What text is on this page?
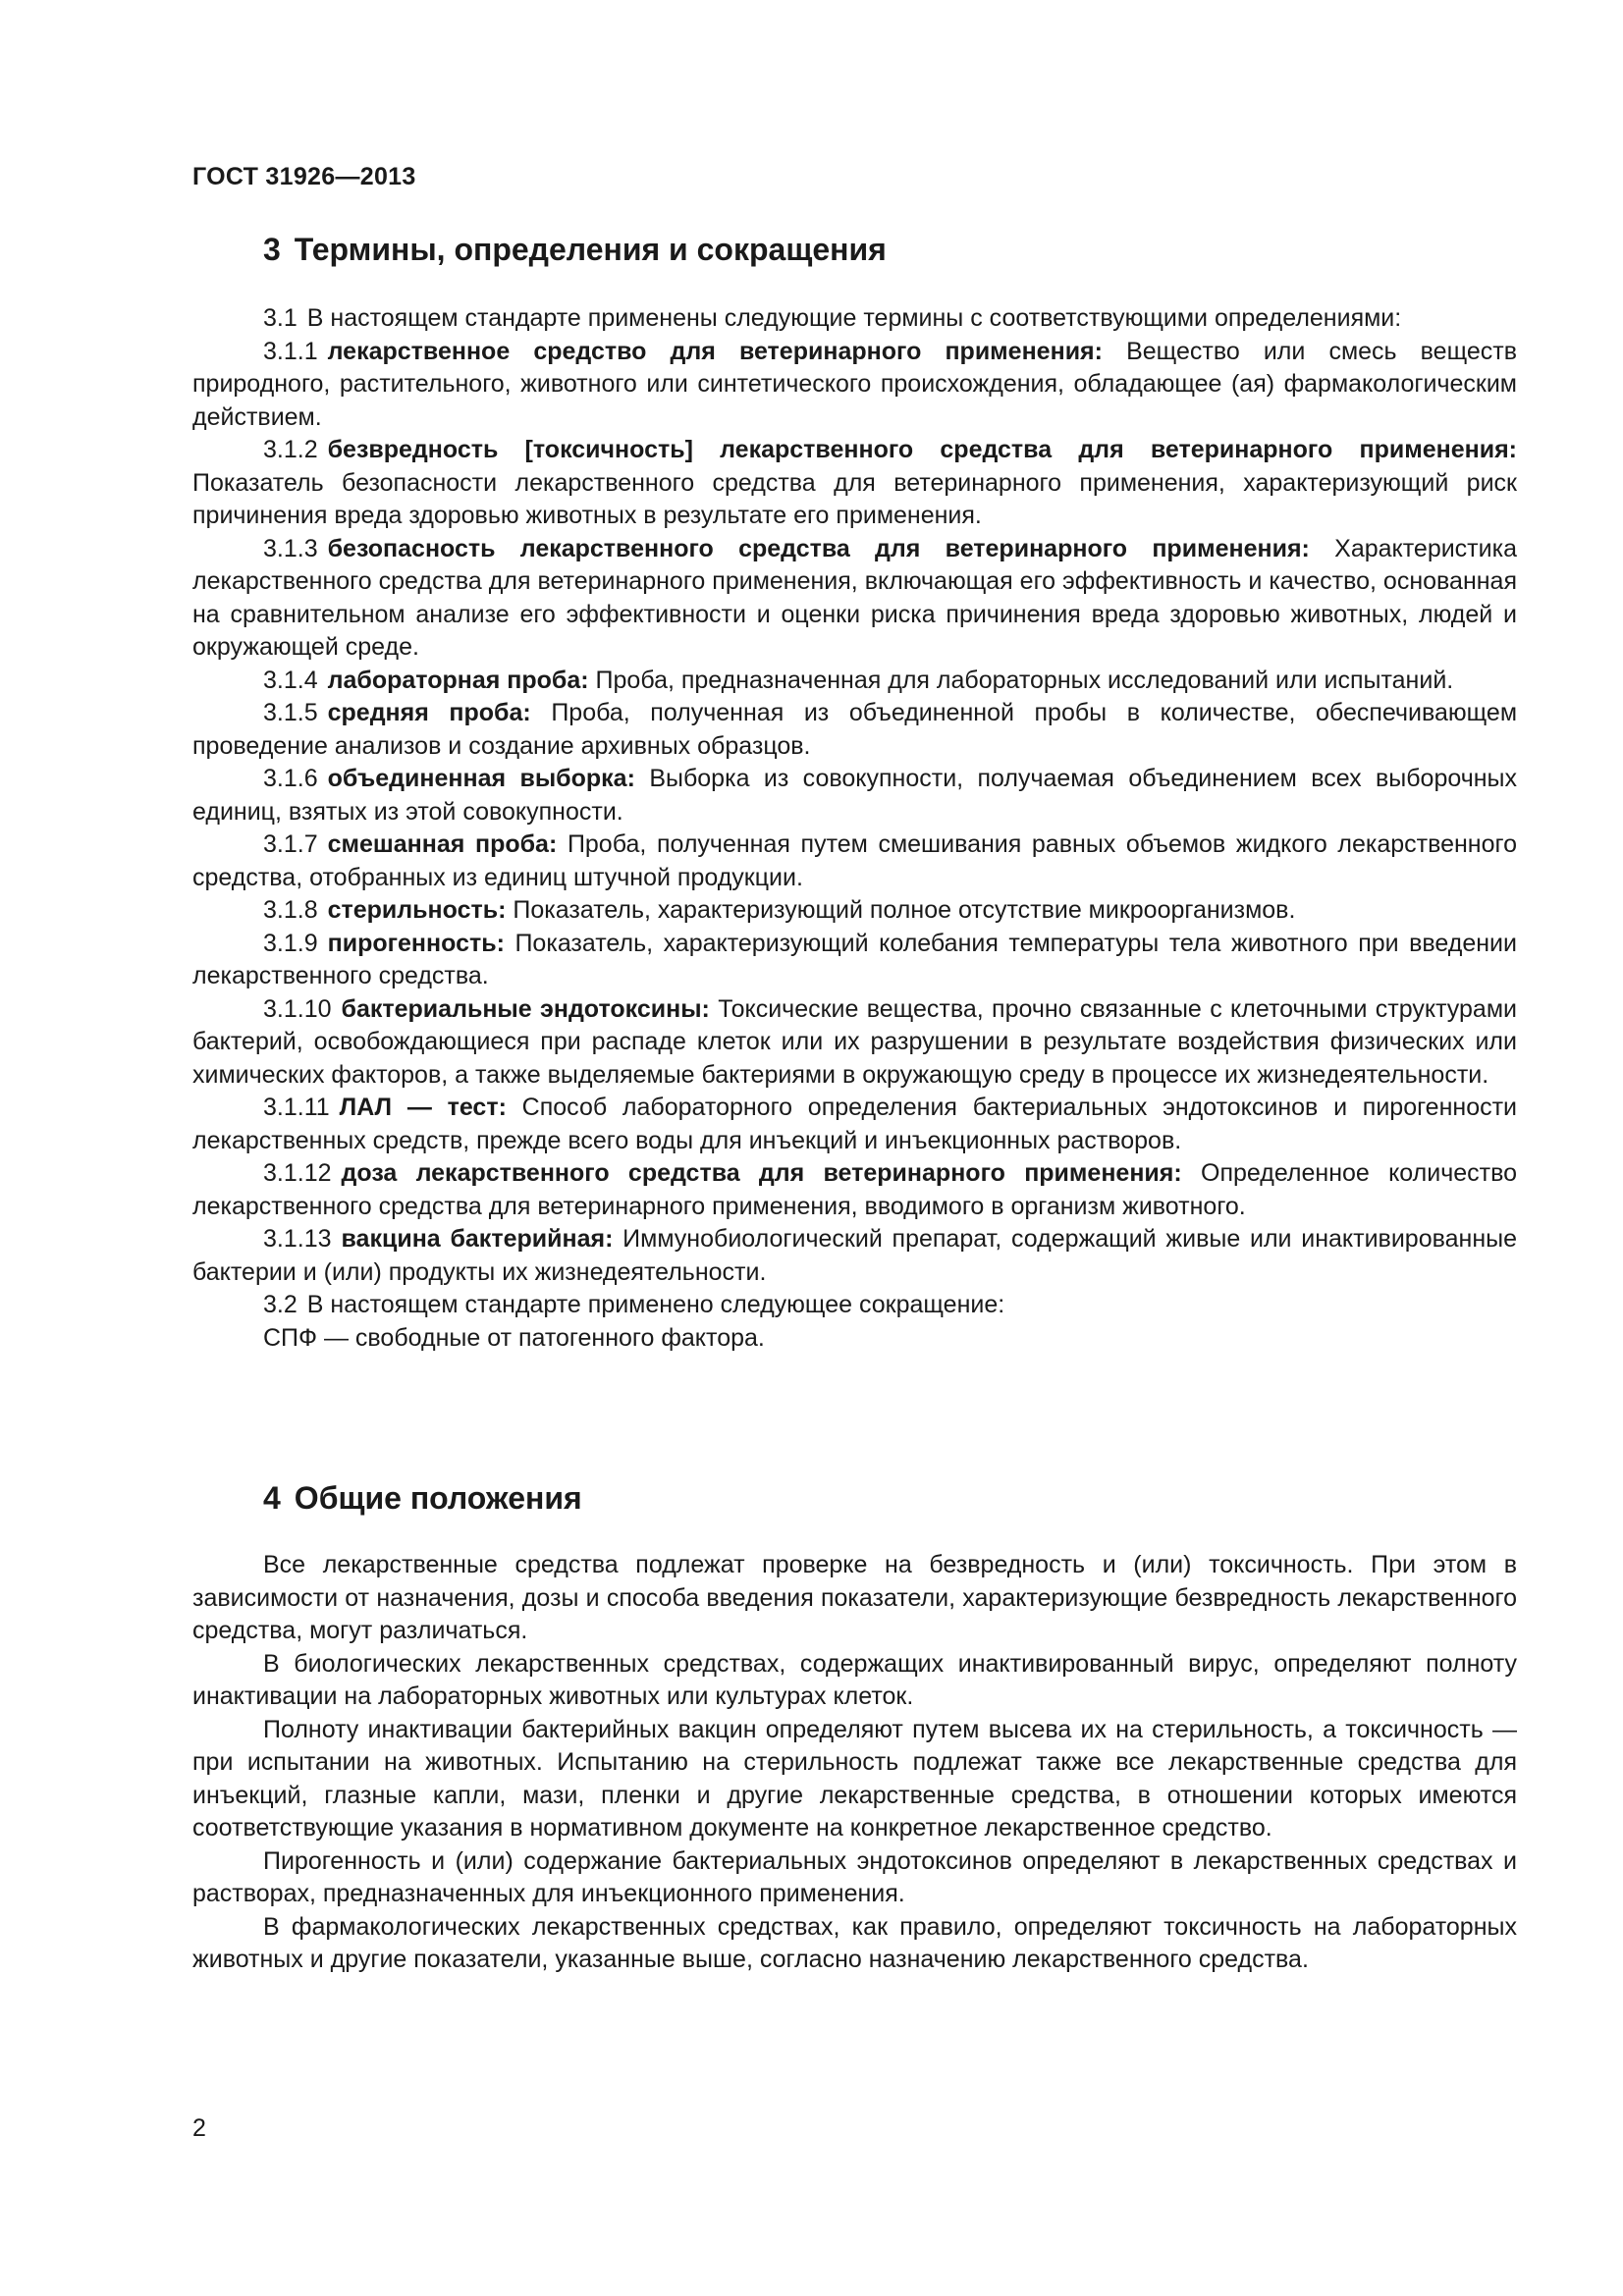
ГОСТ 31926—2013
3 Термины, определения и сокращения

3.1 В настоящем стандарте применены следующие термины с соответствующими определениями:

3.1.1 лекарственное средство для ветеринарного применения: Вещество или смесь веществ природного, растительного, животного или синтетического происхождения, обладающее (ая) фармакологическим действием.

3.1.2 безвредность [токсичность] лекарственного средства для ветеринарного применения: Показатель безопасности лекарственного средства для ветеринарного применения, характеризующий риск причинения вреда здоровью животных в результате его применения.

3.1.3 безопасность лекарственного средства для ветеринарного применения: Характеристика лекарственного средства для ветеринарного применения, включающая его эффективность и качество, основанная на сравнительном анализе его эффективности и оценки риска причинения вреда здоровью животных, людей и окружающей среде.

3.1.4 лабораторная проба: Проба, предназначенная для лабораторных исследований или испытаний.

3.1.5 средняя проба: Проба, полученная из объединенной пробы в количестве, обеспечивающем проведение анализов и создание архивных образцов.

3.1.6 объединенная выборка: Выборка из совокупности, получаемая объединением всех выборочных единиц, взятых из этой совокупности.

3.1.7 смешанная проба: Проба, полученная путем смешивания равных объемов жидкого лекарственного средства, отобранных из единиц штучной продукции.

3.1.8 стерильность: Показатель, характеризующий полное отсутствие микроорганизмов.

3.1.9 пирогенность: Показатель, характеризующий колебания температуры тела животного при введении лекарственного средства.

3.1.10 бактериальные эндотоксины: Токсические вещества, прочно связанные с клеточными структурами бактерий, освобождающиеся при распаде клеток или их разрушении в результате воздействия физических или химических факторов, а также выделяемые бактериями в окружающую среду в процессе их жизнедеятельности.

3.1.11 ЛАЛ — тест: Способ лабораторного определения бактериальных эндотоксинов и пирогенности лекарственных средств, прежде всего воды для инъекций и инъекционных растворов.

3.1.12 доза лекарственного средства для ветеринарного применения: Определенное количество лекарственного средства для ветеринарного применения, вводимого в организм животного.

3.1.13 вакцина бактерийная: Иммунобиологический препарат, содержащий живые или инактивированные бактерии и (или) продукты их жизнедеятельности.

3.2 В настоящем стандарте применено следующее сокращение:

СПФ — свободные от патогенного фактора.

4 Общие положения

Все лекарственные средства подлежат проверке на безвредность и (или) токсичность. При этом в зависимости от назначения, дозы и способа введения показатели, характеризующие безвредность лекарственного средства, могут различаться.

В биологических лекарственных средствах, содержащих инактивированный вирус, определяют полноту инактивации на лабораторных животных или культурах клеток.

Полноту инактивации бактерийных вакцин определяют путем высева их на стерильность, а токсичность — при испытании на животных. Испытанию на стерильность подлежат также все лекарственные средства для инъекций, глазные капли, мази, пленки и другие лекарственные средства, в отношении которых имеются соответствующие указания в нормативном документе на конкретное лекарственное средство.

Пирогенность и (или) содержание бактериальных эндотоксинов определяют в лекарственных средствах и растворах, предназначенных для инъекционного применения.

В фармакологических лекарственных средствах, как правило, определяют токсичность на лабораторных животных и другие показатели, указанные выше, согласно назначению лекарственного средства.

2
